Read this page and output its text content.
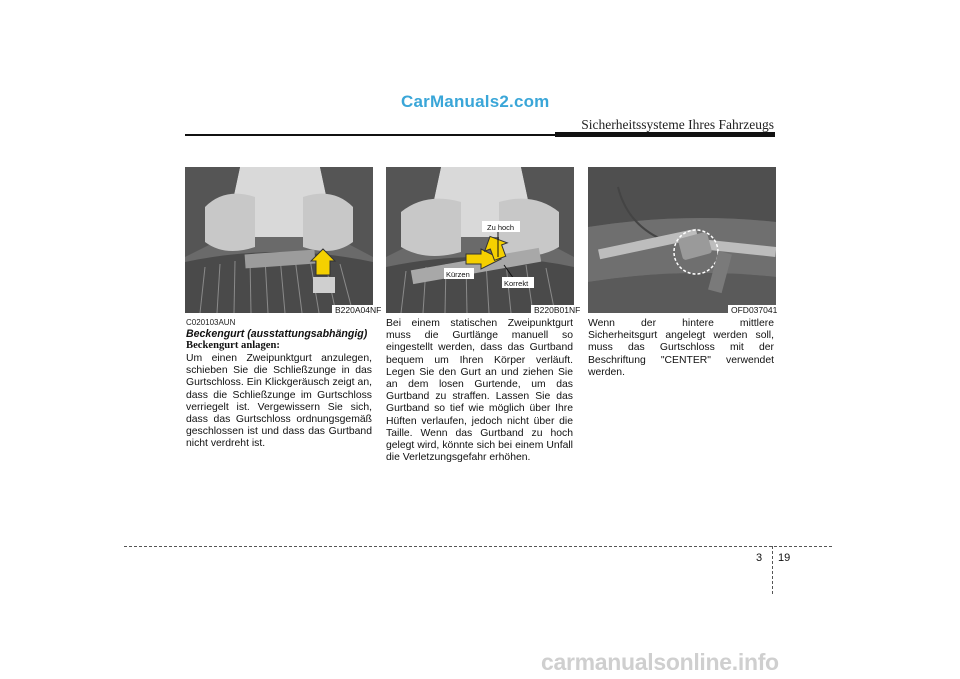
CarManuals2.com
Sicherheitssysteme Ihres Fahrzeugs
B220A04NF
Zu hoch
Kürzen
Korrekt
B220B01NF	OFD037041
C020103AUN
Beckengurt (ausstattungsabhängig)
Beckengurt anlagen:
Um einen Zweipunktgurt anzulegen, schieben Sie die Schließzunge in das Gurtschloss. Ein Klickgeräusch zeigt an, dass die Schließzunge im Gurtschloss verriegelt ist. Vergewissern Sie sich, dass das Gurtschloss ordnungsgemäß geschlossen ist und dass das Gurtband nicht verdreht ist.
Bei einem statischen Zweipunktgurt muss die Gurtlänge manuell so eingestellt werden, dass das Gurtband bequem um Ihren Körper verläuft. Legen Sie den Gurt an und ziehen Sie an dem losen Gurtende, um das Gurtband zu straffen. Lassen Sie das Gurtband so tief wie möglich über Ihre Hüften verlaufen, jedoch nicht über die Taille. Wenn das Gurtband zu hoch gelegt wird, könnte sich bei einem Unfall die Verletzungsgefahr erhöhen.
Wenn der hintere mittlere Sicherheitsgurt angelegt werden soll, muss das Gurtschloss mit der Beschriftung "CENTER" verwendet werden.
3 19
carmanualsonline.info
